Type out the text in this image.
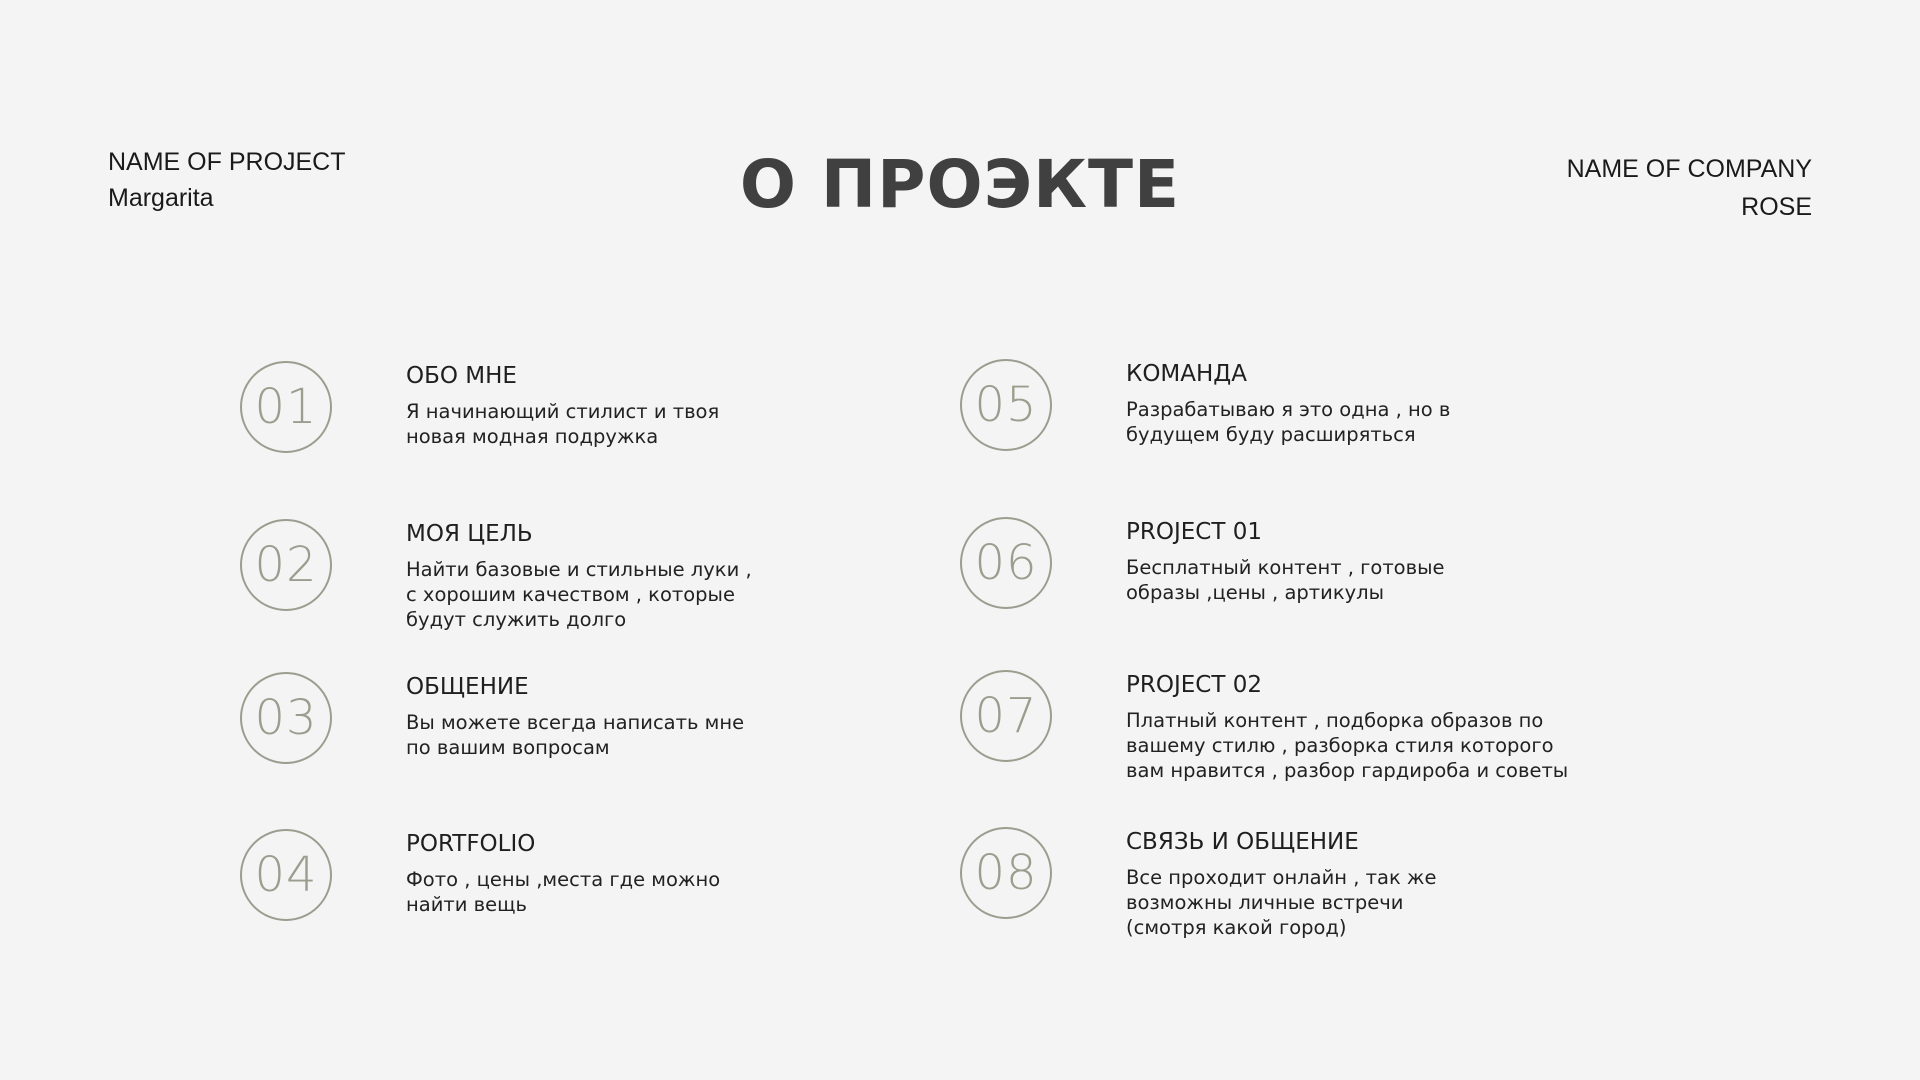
NAME OF PROJECT
Margarita	О ПРОЭКТЕ	NAME OF COMPANY
ROSE
01
ОБО МНЕ
Я начинающий стилист и твоя
новая модная подружка
02
МОЯ ЦЕЛЬ
Найти базовые и стильные луки ,
с хорошим качеством , которые
будут служить долго
03
ОБЩЕНИЕ
Вы можете всегда написать мне
по вашим вопросам
04
PORTFOLIO
Фото , цены ,места где можно
найти вещь
05
КОМАНДА
Разрабатываю я это одна , но в
будущем буду расширяться
06
PROJECT 01
Бесплатный контент , готовые
образы ,цены , артикулы
07
PROJECT 02
Платный контент , подборка образов по
вашему стилю , разборка стиля которого
вам нравится , разбор гардироба и советы
08
СВЯЗЬ И ОБЩЕНИЕ
Все проходит онлайн , так же
возможны личные встречи
(смотря какой город)
